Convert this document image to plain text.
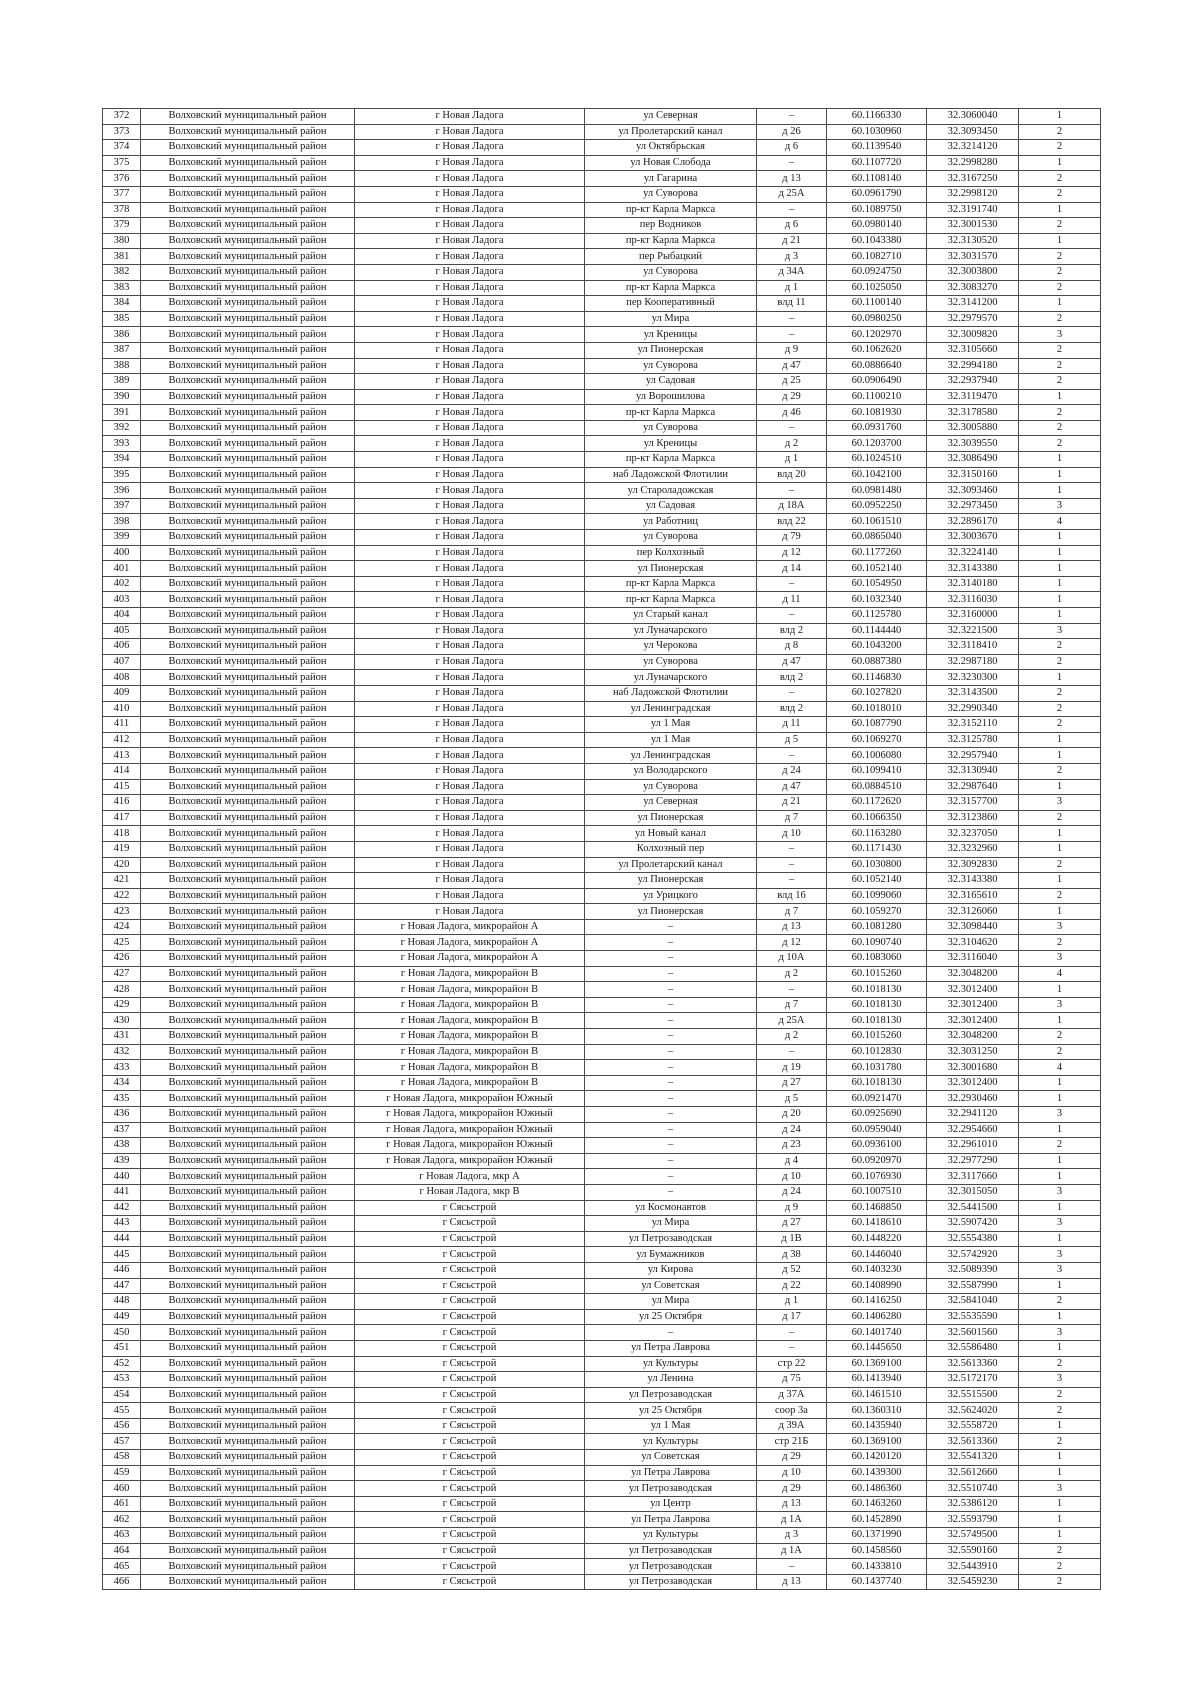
372	Волховский муниципальный район	г Новая Ладога	ул Северная	–	60.1166330	32.3060040	1
373	Волховский муниципальный район	г Новая Ладога	ул Пролетарский канал	д 26	60.1030960	32.3093450	2
374	Волховский муниципальный район	г Новая Ладога	ул Октябрьская	д 6	60.1139540	32.3214120	2
375	Волховский муниципальный район	г Новая Ладога	ул Новая Слобода	–	60.1107720	32.2998280	1
376	Волховский муниципальный район	г Новая Ладога	ул Гагарина	д 13	60.1108140	32.3167250	2
377	Волховский муниципальный район	г Новая Ладога	ул Суворова	д 25А	60.0961790	32.2998120	2
378	Волховский муниципальный район	г Новая Ладога	пр-кт Карла Маркса	–	60.1089750	32.3191740	1
379	Волховский муниципальный район	г Новая Ладога	пер Водников	д 6	60.0980140	32.3001530	2
380	Волховский муниципальный район	г Новая Ладога	пр-кт Карла Маркса	д 21	60.1043380	32.3130520	1
381	Волховский муниципальный район	г Новая Ладога	пер Рыбацкий	д 3	60.1082710	32.3031570	2
382	Волховский муниципальный район	г Новая Ладога	ул Суворова	д 34А	60.0924750	32.3003800	2
383	Волховский муниципальный район	г Новая Ладога	пр-кт Карла Маркса	д 1	60.1025050	32.3083270	2
384	Волховский муниципальный район	г Новая Ладога	пер Кооперативный	влд 11	60.1100140	32.3141200	1
385	Волховский муниципальный район	г Новая Ладога	ул Мира	–	60.0980250	32.2979570	2
386	Волховский муниципальный район	г Новая Ладога	ул Креницы	–	60.1202970	32.3009820	3
387	Волховский муниципальный район	г Новая Ладога	ул Пионерская	д 9	60.1062620	32.3105660	2
388	Волховский муниципальный район	г Новая Ладога	ул Суворова	д 47	60.0886640	32.2994180	2
389	Волховский муниципальный район	г Новая Ладога	ул Садовая	д 25	60.0906490	32.2937940	2
390	Волховский муниципальный район	г Новая Ладога	ул Ворошилова	д 29	60.1100210	32.3119470	1
391	Волховский муниципальный район	г Новая Ладога	пр-кт Карла Маркса	д 46	60.1081930	32.3178580	2
392	Волховский муниципальный район	г Новая Ладога	ул Суворова	–	60.0931760	32.3005880	2
393	Волховский муниципальный район	г Новая Ладога	ул Креницы	д 2	60.1203700	32.3039550	2
394	Волховский муниципальный район	г Новая Ладога	пр-кт Карла Маркса	д 1	60.1024510	32.3086490	1
395	Волховский муниципальный район	г Новая Ладога	наб Ладожской Флотилии	влд 20	60.1042100	32.3150160	1
396	Волховский муниципальный район	г Новая Ладога	ул Староладожская	–	60.0981480	32.3093460	1
397	Волховский муниципальный район	г Новая Ладога	ул Садовая	д 18А	60.0952250	32.2973450	3
398	Волховский муниципальный район	г Новая Ладога	ул Работниц	влд 22	60.1061510	32.2896170	4
399	Волховский муниципальный район	г Новая Ладога	ул Суворова	д 79	60.0865040	32.3003670	1
400	Волховский муниципальный район	г Новая Ладога	пер Колхозный	д 12	60.1177260	32.3224140	1
401	Волховский муниципальный район	г Новая Ладога	ул Пионерская	д 14	60.1052140	32.3143380	1
402	Волховский муниципальный район	г Новая Ладога	пр-кт Карла Маркса	–	60.1054950	32.3140180	1
403	Волховский муниципальный район	г Новая Ладога	пр-кт Карла Маркса	д 11	60.1032340	32.3116030	1
404	Волховский муниципальный район	г Новая Ладога	ул Старый канал	–	60.1125780	32.3160000	1
405	Волховский муниципальный район	г Новая Ладога	ул Луначарского	влд 2	60.1144440	32.3221500	3
406	Волховский муниципальный район	г Новая Ладога	ул Черокова	д 8	60.1043200	32.3118410	2
407	Волховский муниципальный район	г Новая Ладога	ул Суворова	д 47	60.0887380	32.2987180	2
408	Волховский муниципальный район	г Новая Ладога	ул Луначарского	влд 2	60.1146830	32.3230300	1
409	Волховский муниципальный район	г Новая Ладога	наб Ладожской Флотилии	–	60.1027820	32.3143500	2
410	Волховский муниципальный район	г Новая Ладога	ул Ленинградская	влд 2	60.1018010	32.2990340	2
411	Волховский муниципальный район	г Новая Ладога	ул 1 Мая	д 11	60.1087790	32.3152110	2
412	Волховский муниципальный район	г Новая Ладога	ул 1 Мая	д 5	60.1069270	32.3125780	1
413	Волховский муниципальный район	г Новая Ладога	ул Ленинградская	–	60.1006080	32.2957940	1
414	Волховский муниципальный район	г Новая Ладога	ул Володарского	д 24	60.1099410	32.3130940	2
415	Волховский муниципальный район	г Новая Ладога	ул Суворова	д 47	60.0884510	32.2987640	1
416	Волховский муниципальный район	г Новая Ладога	ул Северная	д 21	60.1172620	32.3157700	3
417	Волховский муниципальный район	г Новая Ладога	ул Пионерская	д 7	60.1066350	32.3123860	2
418	Волховский муниципальный район	г Новая Ладога	ул Новый канал	д 10	60.1163280	32.3237050	1
419	Волховский муниципальный район	г Новая Ладога	Колхозный пер	–	60.1171430	32.3232960	1
420	Волховский муниципальный район	г Новая Ладога	ул Пролетарский канал	–	60.1030800	32.3092830	2
421	Волховский муниципальный район	г Новая Ладога	ул Пионерская	–	60.1052140	32.3143380	1
422	Волховский муниципальный район	г Новая Ладога	ул Урицкого	влд 16	60.1099060	32.3165610	2
423	Волховский муниципальный район	г Новая Ладога	ул Пионерская	д 7	60.1059270	32.3126060	1
424	Волховский муниципальный район	г Новая Ладога, микрорайон А	–	д 13	60.1081280	32.3098440	3
425	Волховский муниципальный район	г Новая Ладога, микрорайон А	–	д 12	60.1090740	32.3104620	2
426	Волховский муниципальный район	г Новая Ладога, микрорайон А	–	д 10А	60.1083060	32.3116040	3
427	Волховский муниципальный район	г Новая Ладога, микрорайон В	–	д 2	60.1015260	32.3048200	4
428	Волховский муниципальный район	г Новая Ладога, микрорайон В	–	–	60.1018130	32.3012400	1
429	Волховский муниципальный район	г Новая Ладога, микрорайон В	–	д 7	60.1018130	32.3012400	3
430	Волховский муниципальный район	г Новая Ладога, микрорайон В	–	д 25А	60.1018130	32.3012400	1
431	Волховский муниципальный район	г Новая Ладога, микрорайон В	–	д 2	60.1015260	32.3048200	2
432	Волховский муниципальный район	г Новая Ладога, микрорайон В	–	–	60.1012830	32.3031250	2
433	Волховский муниципальный район	г Новая Ладога, микрорайон В	–	д 19	60.1031780	32.3001680	4
434	Волховский муниципальный район	г Новая Ладога, микрорайон В	–	д 27	60.1018130	32.3012400	1
435	Волховский муниципальный район	г Новая Ладога, микрорайон Южный	–	д 5	60.0921470	32.2930460	1
436	Волховский муниципальный район	г Новая Ладога, микрорайон Южный	–	д 20	60.0925690	32.2941120	3
437	Волховский муниципальный район	г Новая Ладога, микрорайон Южный	–	д 24	60.0959040	32.2954660	1
438	Волховский муниципальный район	г Новая Ладога, микрорайон Южный	–	д 23	60.0936100	32.2961010	2
439	Волховский муниципальный район	г Новая Ладога, микрорайон Южный	–	д 4	60.0920970	32.2977290	1
440	Волховский муниципальный район	г Новая Ладога, мкр А	–	д 10	60.1076930	32.3117660	1
441	Волховский муниципальный район	г Новая Ладога, мкр В	–	д 24	60.1007510	32.3015050	3
442	Волховский муниципальный район	г Сясьстрой	ул Космонавтов	д 9	60.1468850	32.5441500	1
443	Волховский муниципальный район	г Сясьстрой	ул Мира	д 27	60.1418610	32.5907420	3
444	Волховский муниципальный район	г Сясьстрой	ул Петрозаводская	д 1В	60.1448220	32.5554380	1
445	Волховский муниципальный район	г Сясьстрой	ул Бумажников	д 38	60.1446040	32.5742920	3
446	Волховский муниципальный район	г Сясьстрой	ул Кирова	д 52	60.1403230	32.5089390	3
447	Волховский муниципальный район	г Сясьстрой	ул Советская	д 22	60.1408990	32.5587990	1
448	Волховский муниципальный район	г Сясьстрой	ул Мира	д 1	60.1416250	32.5841040	2
449	Волховский муниципальный район	г Сясьстрой	ул 25 Октября	д 17	60.1406280	32.5535590	1
450	Волховский муниципальный район	г Сясьстрой	–	–	60.1401740	32.5601560	3
451	Волховский муниципальный район	г Сясьстрой	ул Петра Лаврова	–	60.1445650	32.5586480	1
452	Волховский муниципальный район	г Сясьстрой	ул Культуры	стр 22	60.1369100	32.5613360	2
453	Волховский муниципальный район	г Сясьстрой	ул Ленина	д 75	60.1413940	32.5172170	3
454	Волховский муниципальный район	г Сясьстрой	ул Петрозаводская	д 37А	60.1461510	32.5515500	2
455	Волховский муниципальный район	г Сясьстрой	ул 25 Октября	соор 3а	60.1360310	32.5624020	2
456	Волховский муниципальный район	г Сясьстрой	ул 1 Мая	д 39А	60.1435940	32.5558720	1
457	Волховский муниципальный район	г Сясьстрой	ул Культуры	стр 21Б	60.1369100	32.5613360	2
458	Волховский муниципальный район	г Сясьстрой	ул Советская	д 29	60.1420120	32.5541320	1
459	Волховский муниципальный район	г Сясьстрой	ул Петра Лаврова	д 10	60.1439300	32.5612660	1
460	Волховский муниципальный район	г Сясьстрой	ул Петрозаводская	д 29	60.1486360	32.5510740	3
461	Волховский муниципальный район	г Сясьстрой	ул Центр	д 13	60.1463260	32.5386120	1
462	Волховский муниципальный район	г Сясьстрой	ул Петра Лаврова	д 1А	60.1452890	32.5593790	1
463	Волховский муниципальный район	г Сясьстрой	ул Культуры	д 3	60.1371990	32.5749500	1
464	Волховский муниципальный район	г Сясьстрой	ул Петрозаводская	д 1А	60.1458560	32.5590160	2
465	Волховский муниципальный район	г Сясьстрой	ул Петрозаводская	–	60.1433810	32.5443910	2
466	Волховский муниципальный район	г Сясьстрой	ул Петрозаводская	д 13	60.1437740	32.5459230	2
